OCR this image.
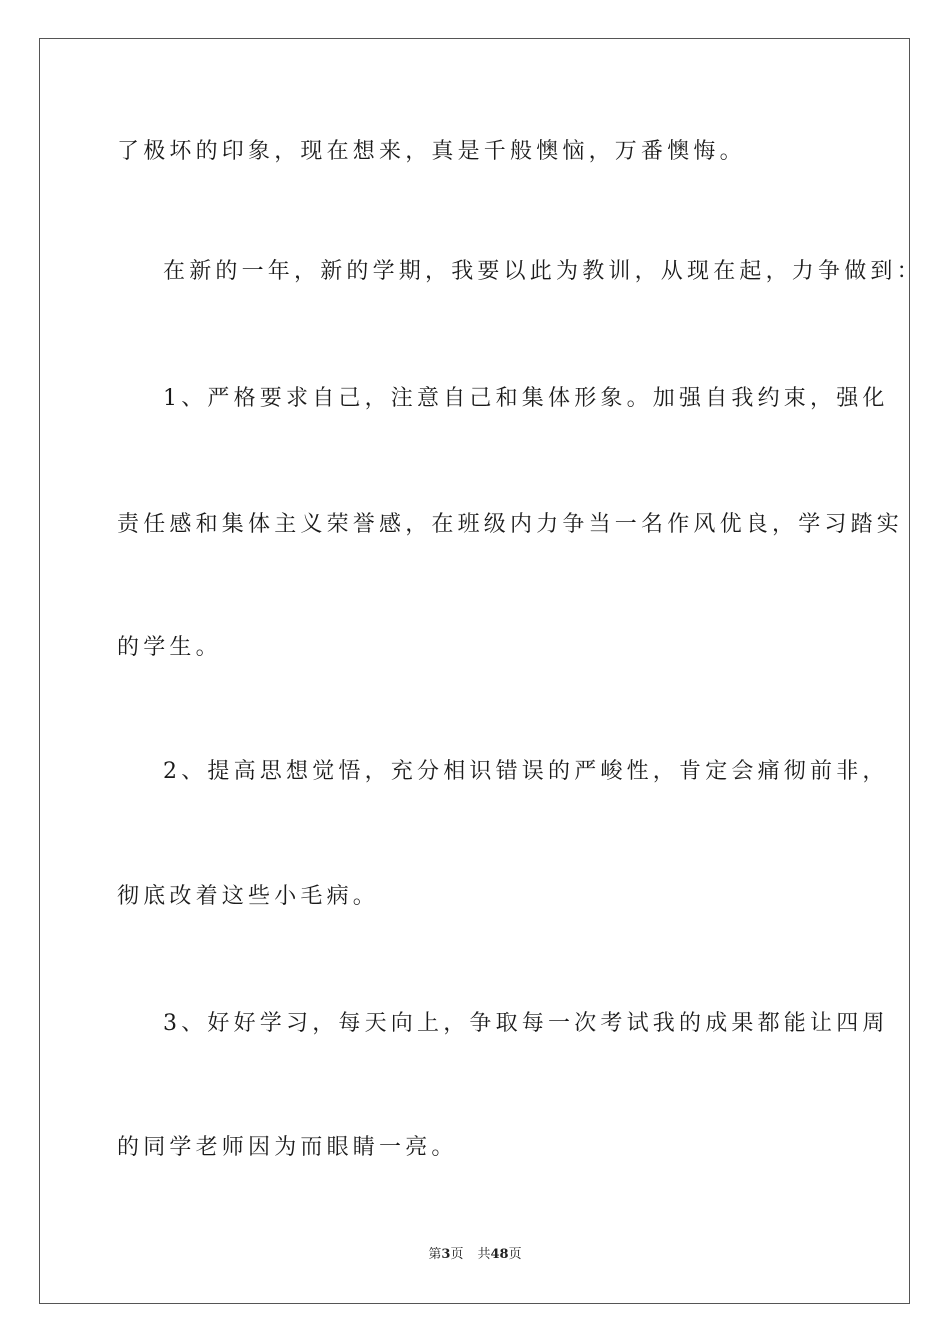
了极坏的印象，现在想来，真是千般懊恼，万番懊悔。
在新的一年，新的学期，我要以此为教训，从现在起，力争做到：
1、严格要求自己，注意自己和集体形象。加强自我约束，强化
责任感和集体主义荣誉感，在班级内力争当一名作风优良，学习踏实
的学生。
2、提高思想觉悟，充分相识错误的严峻性，肯定会痛彻前非，
彻底改着这些小毛病。
3、好好学习，每天向上，争取每一次考试我的成果都能让四周
的同学老师因为而眼睛一亮。
第3页 共48页
